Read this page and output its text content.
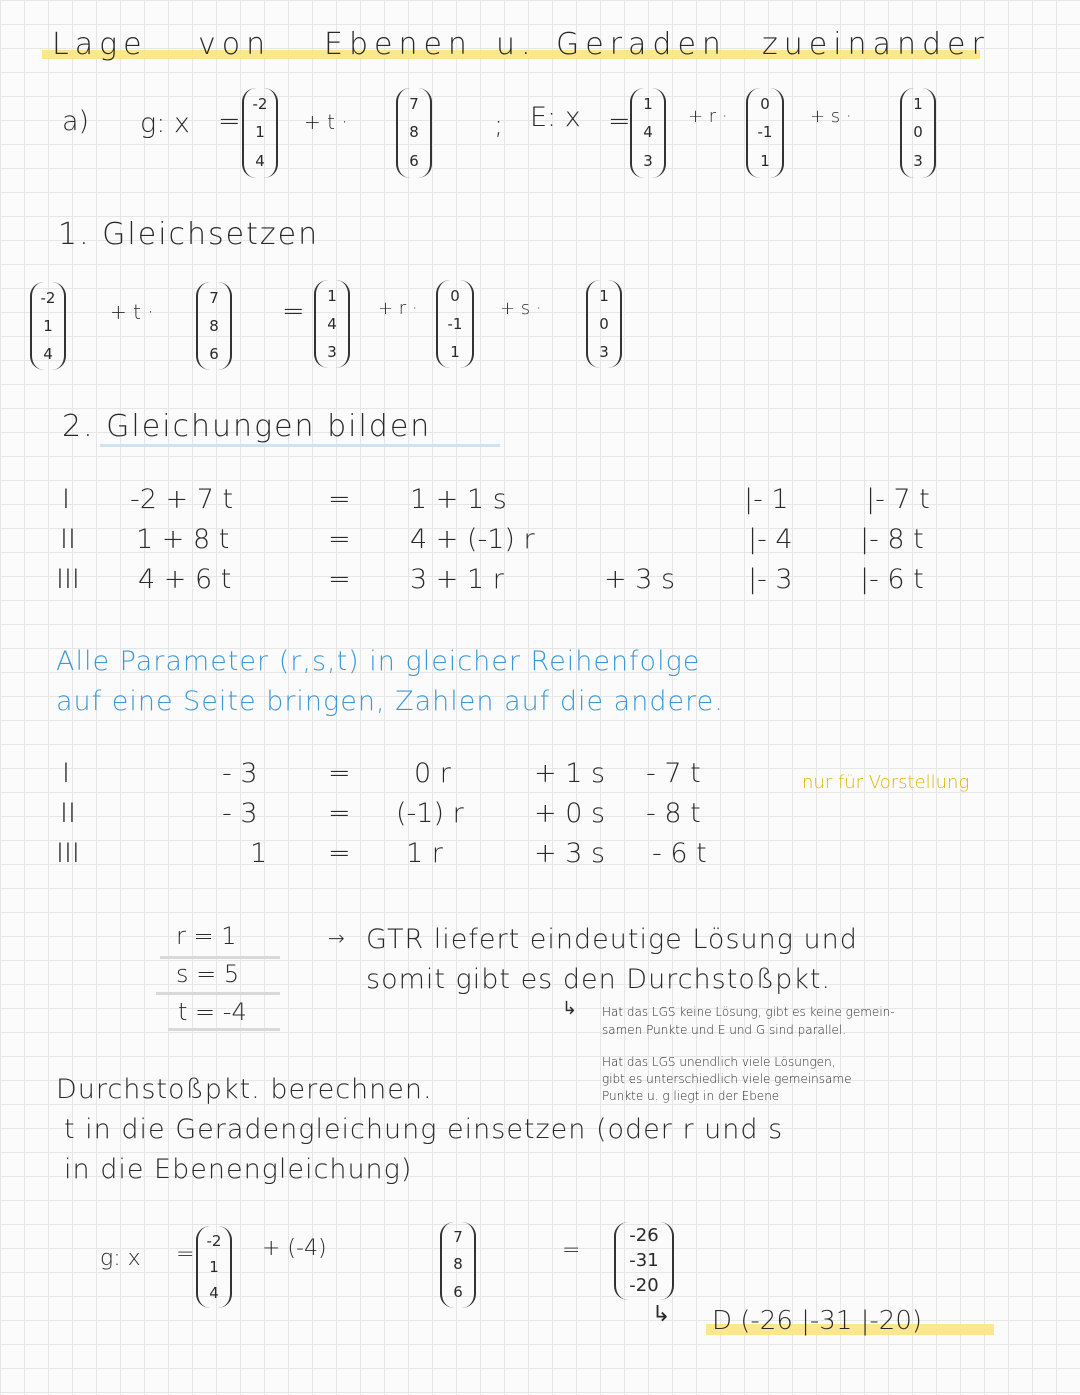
Lage von Ebenen u. Geraden zueinander
a) g: x =
-2
1
4
+ t ·
7
8
6
; E: x =
1
4
3
+ r ·
0
-1
1
+ s ·
1
0
3
1. Gleichsetzen
-2
1
4
+ t ·
7
8
6
=
1
4
3
+ r ·
0
-1
1
+ s ·
1
0
3
2. Gleichungen bilden
I -2 + 7 t	= 1 + 1 s	|- 1	|- 7 t
II 1 + 8 t	= 4 + (-1) r	|- 4 |- 8 t
III 4 + 6 t	= 3 + 1 r	+ 3 s	|- 3 |- 6 t
Alle Parameter (r,s,t) in gleicher Reihenfolge
auf eine Seite bringen, Zahlen auf die andere.
I	- 3	= 0 r	+ 1 s - 7 t	nur für Vorstellung
II	- 3	= (-1) r	+ 0 s - 8 t
III	1 = 1 r	+ 3 s - 6 t
r = 1
s = 5
t = -4
→ GTR liefert eindeutige Lösung und
somit gibt es den Durchstoßpkt.
↳ Hat das LGS keine Lösung, gibt es keine gemein-
samen Punkte und E und G sind parallel.
Hat das LGS unendlich viele Lösungen,
gibt es unterschiedlich viele gemeinsame
Punkte u. g liegt in der Ebene
Durchstoßpkt. berechnen.
t in die Geradengleichung einsetzen (oder r und s
in die Ebenengleichung)
g: x =
-2
1
4
+ (-4)	7
8
6
=
-26
-31
-20
↳ D (-26 |-31 |-20)
